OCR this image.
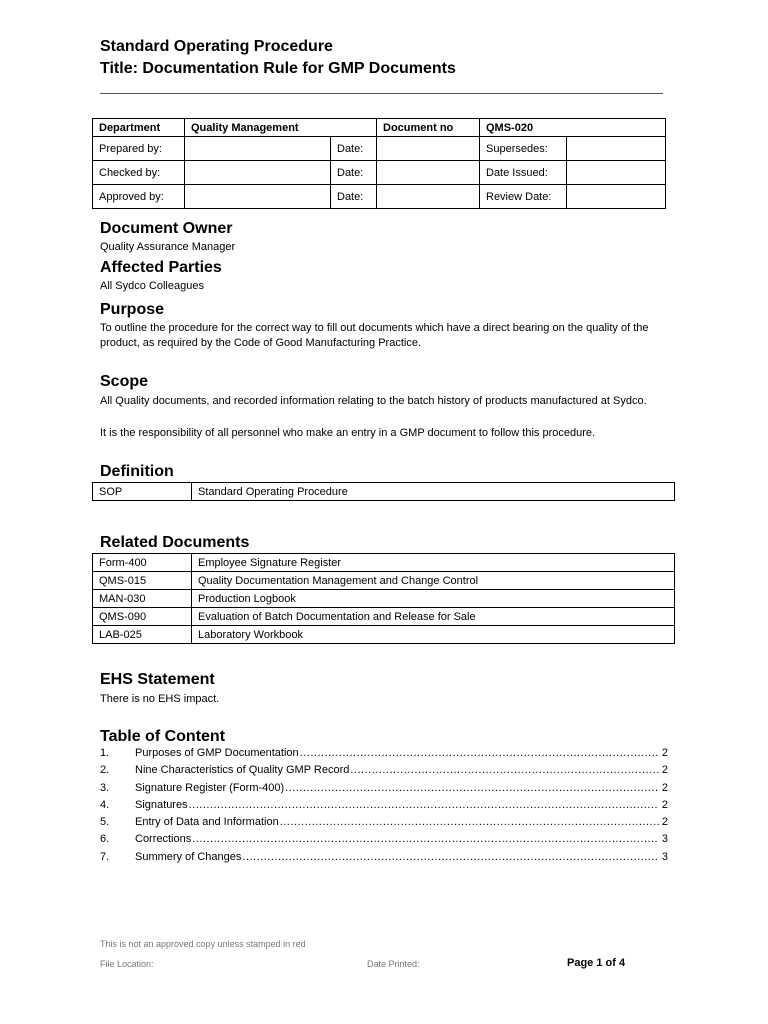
Standard Operating Procedure
Title: Documentation Rule for GMP Documents
Department	Quality Management		Document no	QMS-020	
Prepared by:		Date:		Supersedes:	
Checked by:		Date:		Date Issued:	
Approved by:		Date:		Review Date:	
Document Owner
Quality Assurance Manager
Affected Parties
All Sydco Colleagues
Purpose
To outline the procedure for the correct way to fill out documents which have a direct bearing on the quality of the product, as required by the Code of Good Manufacturing Practice.
Scope
All Quality documents, and recorded information relating to the batch history of products manufactured at Sydco.
It is the responsibility of all personnel who make an entry in a GMP document to follow this procedure.
Definition
SOP	Standard Operating Procedure
Related Documents
Form-400	Employee Signature Register
QMS-015	Quality Documentation Management and Change Control
MAN-030	Production Logbook
QMS-090	Evaluation of Batch Documentation and Release for Sale
LAB-025	Laboratory Workbook
EHS Statement
There is no EHS impact.
Table of Content
1.	Purposes of GMP Documentation .....	2
2.	Nine Characteristics of Quality GMP Record .....	2
3.	Signature Register (Form-400) .....	2
4.	Signatures .....	2
5.	Entry of Data and Information .....	2
6.	Corrections .....	3
7.	Summery of Changes .....	3
This is not an approved copy unless stamped in red
File Location:	Date Printed:	Page 1 of 4
